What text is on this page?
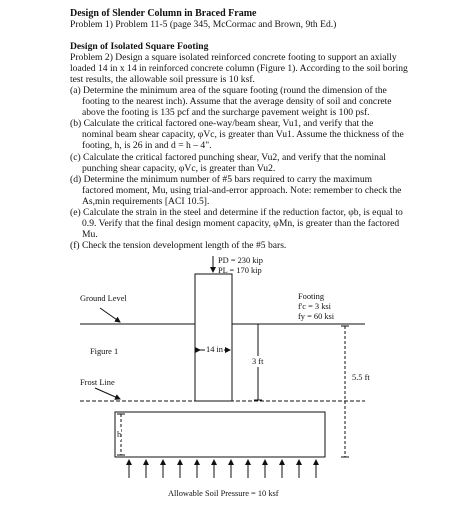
Design of Slender Column in Braced Frame
Problem 1) Problem 11-5 (page 345, McCormac and Brown, 9th Ed.)
Design of Isolated Square Footing
Problem 2) Design a square isolated reinforced concrete footing to support an axially
loaded 14 in x 14 in reinforced concrete column (Figure 1). According to the soil boring
test results, the allowable soil pressure is 10 ksf.
(a) Determine the minimum area of the square footing (round the dimension of the
footing to the nearest inch). Assume that the average density of soil and concrete
above the footing is 135 pcf and the surcharge pavement weight is 100 psf.
(b) Calculate the critical factored one-way/beam shear, Vu1, and verify that the
nominal beam shear capacity, φVc, is greater than Vu1. Assume the thickness of the
footing, h, is 26 in and d = h – 4".
(c) Calculate the critical factored punching shear, Vu2, and verify that the nominal
punching shear capacity, φVc, is greater than Vu2.
(d) Determine the minimum number of #5 bars required to carry the maximum
factored moment, Mu, using trial-and-error approach. Note: remember to check the
As,min requirements [ACI 10.5].
(e) Calculate the strain in the steel and determine if the reduction factor, φb, is equal to
0.9. Verify that the final design moment capacity, φMn, is greater than the factored
Mu.
(f) Check the tension development length of the #5 bars.
PD = 230 kip
PL = 170 kip
Ground Level	Footing
f'c = 3 ksi
fy = 60 ksi
14 in
Figure 1
3 ft
5.5 ft
Frost Line
h
Allowable Soil Pressure = 10 ksf
